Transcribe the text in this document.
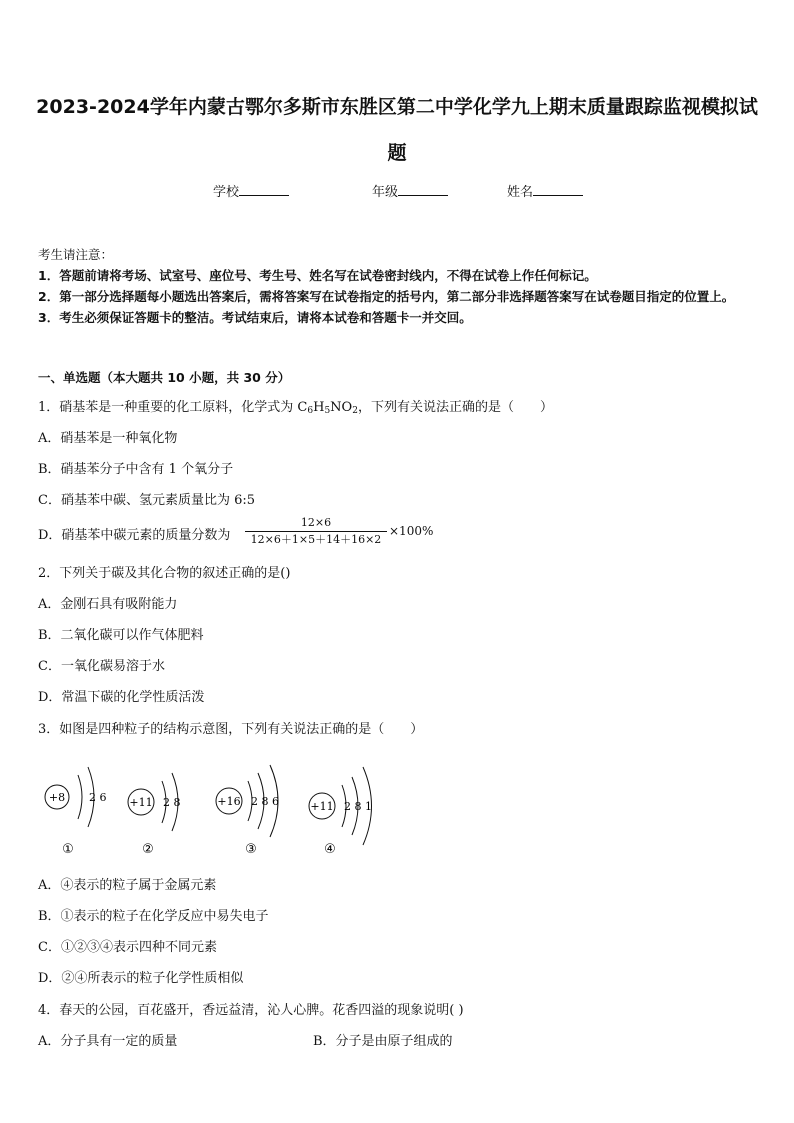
2023-2024学年内蒙古鄂尔多斯市东胜区第二中学化学九上期末质量跟踪监视模拟试
题
学校	年级	姓名
考生请注意：
1．答题前请将考场、试室号、座位号、考生号、姓名写在试卷密封线内，不得在试卷上作任何标记。
2．第一部分选择题每小题选出答案后，需将答案写在试卷指定的括号内，第二部分非选择题答案写在试卷题目指定的位置上。
3．考生必须保证答题卡的整洁。考试结束后，请将本试卷和答题卡一并交回。
一、单选题（本大题共 10 小题，共 30 分）
1．硝基苯是一种重要的化工原料，化学式为 $C_6H_5NO_2$，下列有关说法正确的是（　　）
A．硝基苯是一种氧化物
B．硝基苯分子中含有 1 个氧分子
C．硝基苯中碳、氢元素质量比为 6:5
D．硝基苯中碳元素的质量分数为
12×6
12×6＋1×5＋14＋16×2
×100%
2．下列关于碳及其化合物的叙述正确的是()
A．金刚石具有吸附能力
B．二氧化碳可以作气体肥料
C．一氧化碳易溶于水
D．常温下碳的化学性质活泼
3．如图是四种粒子的结构示意图，下列有关说法正确的是（　　）
+8 2 6
①
+11 2 8
②
+16 2 8 6
③
+11 2 8 1
④
A．④表示的粒子属于金属元素
B．①表示的粒子在化学反应中易失电子
C．①②③④表示四种不同元素
D．②④所表示的粒子化学性质相似
4．春天的公园，百花盛开，香远益清，沁人心脾。花香四溢的现象说明( )
A．分子具有一定的质量	B．分子是由原子组成的
